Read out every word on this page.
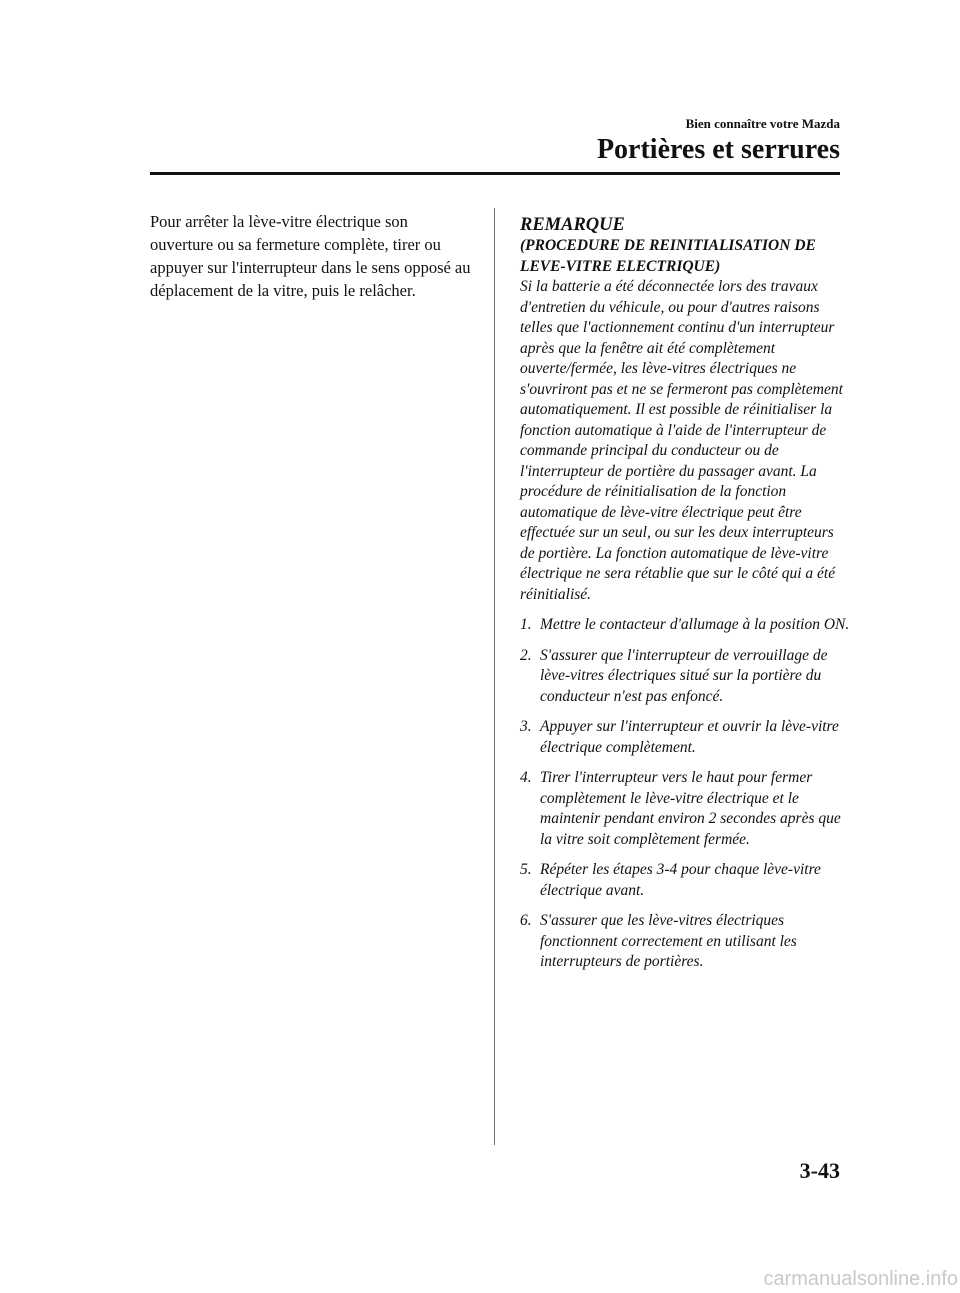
Bien connaître votre Mazda
Portières et serrures

Pour arrêter la lève-vitre électrique son ouverture ou sa fermeture complète, tirer ou appuyer sur l'interrupteur dans le sens opposé au déplacement de la vitre, puis le relâcher.

REMARQUE

(PROCEDURE DE REINITIALISATION DE LEVE-VITRE ELECTRIQUE)

Si la batterie a été déconnectée lors des travaux d'entretien du véhicule, ou pour d'autres raisons telles que l'actionnement continu d'un interrupteur après que la fenêtre ait été complètement ouverte/fermée, les lève-vitres électriques ne s'ouvriront pas et ne se fermeront pas complètement automatiquement. Il est possible de réinitialiser la fonction automatique à l'aide de l'interrupteur de commande principal du conducteur ou de l'interrupteur de portière du passager avant. La procédure de réinitialisation de la fonction automatique de lève-vitre électrique peut être effectuée sur un seul, ou sur les deux interrupteurs de portière. La fonction automatique de lève-vitre électrique ne sera rétablie que sur le côté qui a été réinitialisé.

1. Mettre le contacteur d'allumage à la position ON.
2. S'assurer que l'interrupteur de verrouillage de lève-vitres électriques situé sur la portière du conducteur n'est pas enfoncé.
3. Appuyer sur l'interrupteur et ouvrir la lève-vitre électrique complètement.
4. Tirer l'interrupteur vers le haut pour fermer complètement le lève-vitre électrique et le maintenir pendant environ 2 secondes après que la vitre soit complètement fermée.
5. Répéter les étapes 3-4 pour chaque lève-vitre électrique avant.
6. S'assurer que les lève-vitres électriques fonctionnent correctement en utilisant les interrupteurs de portières.
3-43
carmanualsonline.info
